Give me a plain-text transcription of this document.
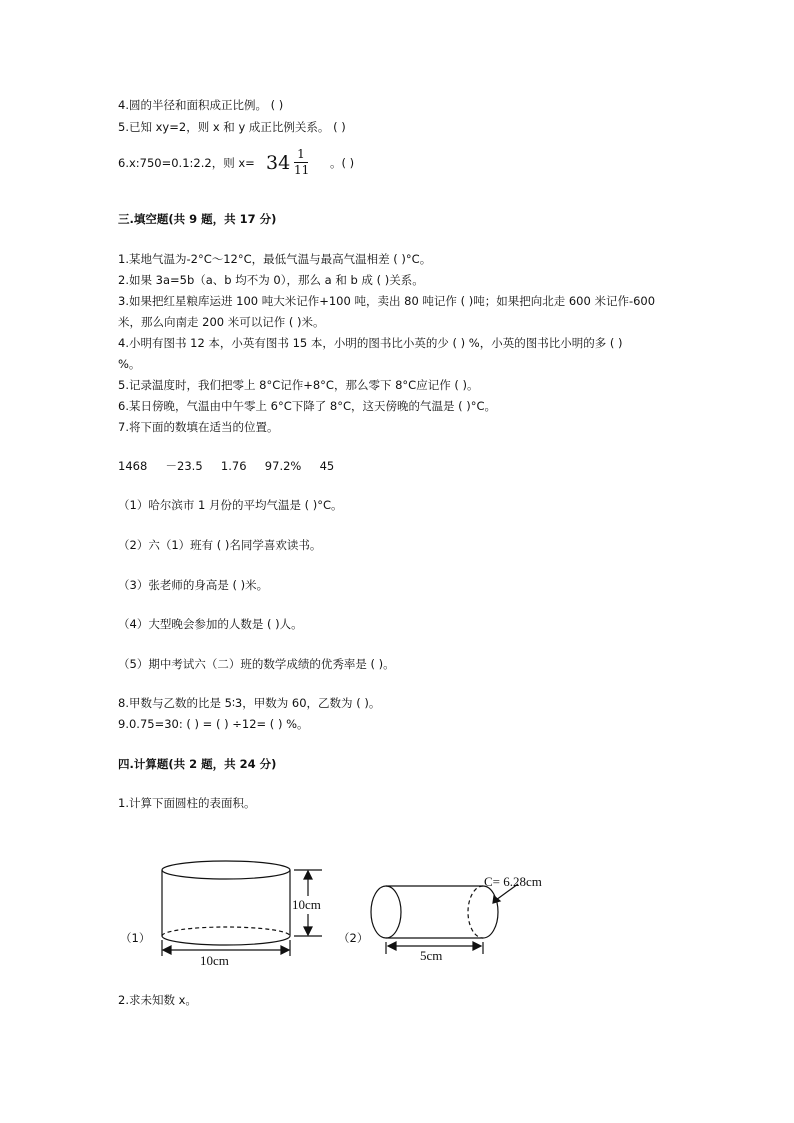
4.圆的半径和面积成正比例。 ( )
5.已知 xy=2，则 x 和 y 成正比例关系。 ( )
6.x:750=0.1:2.2，则 x= 34 1
11 。( )
三.填空题(共 9 题，共 17 分)
1.某地气温为-2°C～12°C，最低气温与最高气温相差 ( )°C。
2.如果 3a=5b（a、b 均不为 0），那么 a 和 b 成 ( )关系。
3.如果把红星粮库运进 100 吨大米记作+100 吨，卖出 80 吨记作 ( )吨；如果把向北走 600 米记作-600
米，那么向南走 200 米可以记作 ( )米。
4.小明有图书 12 本，小英有图书 15 本，小明的图书比小英的少 ( ) %，小英的图书比小明的多 ( )
%。
5.记录温度时，我们把零上 8°C记作+8°C，那么零下 8°C应记作 ( )。
6.某日傍晚，气温由中午零上 6°C下降了 8°C，这天傍晚的气温是 ( )°C。
7.将下面的数填在适当的位置。
1468     －23.5     1.76     97.2%     45
（1）哈尔滨市 1 月份的平均气温是 ( )°C。
（2）六（1）班有 ( )名同学喜欢读书。
（3）张老师的身高是 ( )米。
（4）大型晚会参加的人数是 ( )人。
（5）期中考试六（二）班的数学成绩的优秀率是 ( )。
8.甲数与乙数的比是 5∶3，甲数为 60，乙数为 ( )。
9.0.75=30: ( ) = ( ) ÷12= ( ) %。
四.计算题(共 2 题，共 24 分)
1.计算下面圆柱的表面积。
（1）	（2）
10cm
10cm
C= 6.28cm
5cm
2.求未知数 x。
